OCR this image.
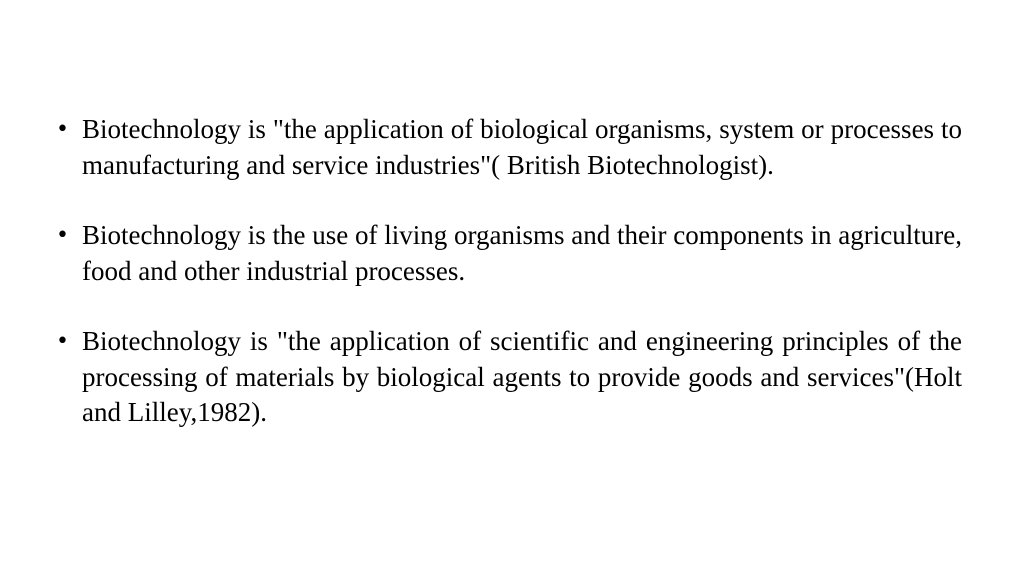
• Biotechnology is "the application of biological organisms, system or processes to manufacturing and service industries"( British Biotechnologist).
• Biotechnology is the use of living organisms and their components in agriculture, food and other industrial processes.
• Biotechnology is "the application of scientific and engineering principles of the processing of materials by biological agents to provide goods and services"(Holt and Lilley,1982).
